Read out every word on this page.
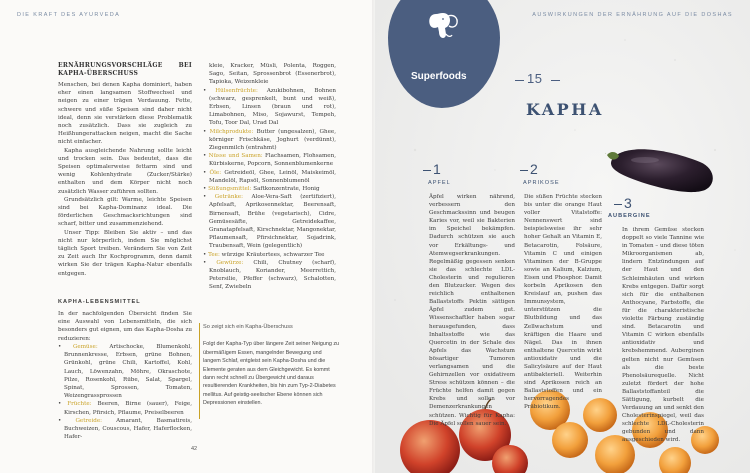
DIE KRAFT DES AYURVEDA
ERNÄHRUNGSVORSCHLÄGE BEI KAPHA-ÜBERSCHUSS

Menschen, bei denen Kapha dominiert, haben eher einen langsamen Stoffwechsel und neigen zu einer trägen Verdauung. Fette, schwere und süße Speisen sind daher nicht ideal, denn sie verstärken diese Problematik noch zusätzlich. Dass sie zugleich zu Heißhungerattacken neigen, macht die Sache nicht einfacher.

Kapha ausgleichende Nahrung sollte leicht und trocken sein. Das bedeutet, dass die Speisen optimalerweise fettarm sind und wenig Kohlenhydrate (Zucker/Stärke) enthalten und dem Körper nicht noch zusätzlich Wasser zuführen sollten.

Grundsätzlich gilt: Warme, leichte Speisen sind bei Kapha-Dominanz ideal. Die förderlichen Geschmacksrichtungen sind scharf, bitter und zusammenziehend.

Unser Tipp: Bleiben Sie aktiv – und das nicht nur körperlich, indem Sie möglichst täglich Sport treiben. Verändern Sie von Zeit zu Zeit auch Ihr Kochprogramm, denn damit wirken Sie der trägen Kapha-Natur ebenfalls entgegen.

KAPHA-LEBENSMITTEL

In der nachfolgenden Übersicht finden Sie eine Auswahl von Lebensmitteln, die sich besonders gut eignen, um das Kapha-Dosha zu reduzieren:

• Gemüse: Artischocke, Blumenkohl, Brunnenkresse, Erbsen, grüne Bohnen, Grünkohl, grüne Chili, Kartoffel, Kohl, Lauch, Löwenzahn, Möhre, Okraschote, Pilze, Rosenkohl, Rübe, Salat, Spargel, Spinat, Sprossen, Tomaten, Weizengrassprossen
• Früchte: Beeren, Birne (sauer), Feige, Kirschen, Pfirsich, Pflaume, Preiselbeeren
• Getreide: Amarant, Basmatireis, Buchweizen, Couscous, Hafer, Haferflocken, Hafer-

kleie, Kracker, Müsli, Polenta, Roggen, Sago, Seitan, Sprossenbrot (Essenerbrot), Tapioka, Weizenkleie

• Hülsenfrüchte: Azukibohnen, Bohnen (schwarz, gesprenkelt, bunt und weiß), Erbsen, Linsen (braun und rot), Limabohnen, Miso, Sojawurst, Tempeh, Tofu, Toor Dal, Urad Dal
• Milchprodukte: Butter (ungesalzen), Ghee, körniger Frischkäse, Joghurt (verdünnt), Ziegenmilch (entrahmt)
• Nüsse und Samen: Flachsamen, Flohsamen, Kürbiskerne, Popcorn, Sonnenblumenkerne
• Öle: Getreideöl, Ghee, Leinöl, Maiskeimöl, Mandelöl, Rapsöl, Sonnenblumenöl
• Süßungsmittel: Saftkonzentrate, Honig
• Getränke: Aloe-Vera-Saft (zertifiziert), Apfelsaft, Aprikosennektar, Beerensaft, Birnensaft, Brühe (vegetarisch), Cidre, Gemüsesäfte, Getreidekaffee, Granatapfelsaft, Kirschnektar, Mangonektar, Pflaumensaft, Pfirsichnektar, Sojadrink, Traubensaft, Wein (gelegentlich)
• Tee: würzige Kräutertees, schwarzer Tee
• Gewürze: Chili, Chutney (scharf), Knoblauch, Koriander, Meerrettich, Petersilie, Pfeffer (schwarz), Schalotten, Senf, Zwiebeln
So zeigt sich ein Kapha-Überschuss
Folgt der Kapha-Typ über längere Zeit seiner Neigung zu übermäßigem Essen, mangelnder Bewegung und langem Schlaf, entgleist sein Kapha-Dosha und die Elemente geraten aus dem Gleichgewicht. Es kommt dann recht schnell zu Übergewicht und daraus resultierenden Krankheiten, bis hin zum Typ-2-Diabetes mellitus. Auf geistig-seelischer Ebene können sich Depressionen einstellen.
42
AUSWIRKUNGEN DER ERNÄHRUNG AUF DIE DOSHAS
Superfoods	15
KAPHA
1
APFEL
2
APRIKOSE
3
AUBERGINE
Äpfel wirken nährend, verbessern den Geschmackssinn und beugen Karies vor, weil sie Bakterien im Speichel bekämpfen. Dadurch schützen sie auch vor Erkältungs- und Atemwegserkrankungen. Regelmäßig gegessen senken sie das schlechte LDL-Cholesterin und regulieren den Blutzucker. Wegen des reichlich enthaltenen Ballaststoffs Pektin sättigen Äpfel zudem gut. Wissenschaftler haben sogar herausgefunden, dass Inhaltsstoffe wie das Quercetin in der Schale des Apfels das Wachstum bösartiger Tumoren verlangsamen und die Gehirnzellen vor oxidativem Stress schützen können – die Früchte helfen damit gegen Krebs und sollen vor Demenzerkrankungen schützen. Wichtig für Kapha: Die Äpfel sollen sauer sein.
Die süßen Früchte stecken bis unter die orange Haut voller Vitalstoffe: Nennenswert sind beispielsweise ihr sehr hoher Gehalt an Vitamin E, Betacarotin, Folsäure, Vitamin C und einigen Vitaminen der B-Gruppe sowie an Kalium, Kalzium, Eisen und Phosphor. Damit korbeln Aprikosen den Kreislauf an, pushen das Immunsystem, unterstützen die Blutbildung und das Zellwachstum und kräftigen die Haare und Nägel. Das in ihnen enthaltene Quercetin wirkt antioxidativ und die Salicylsäure auf der Haut antibakteriell. Weiterhin sind Aprikosen reich an Ballaststoffen und ein hervorragendes Präbiotikum.
In ihrem Gemüse stecken doppelt so viele Tannine wie in Tomaten – und diese töten Mikroorganismen ab, lindern Entzündungen auf der Haut und den Schleimhäuten und wirken Krebs entgegen. Dafür sorgt sich für die enthaltenen Anthocyane, Farbstoffe, die für die charakteristische violette Färbung zuständig sind. Betacarotin und Vitamin C wirken ebenfalls antioxidativ und krebshemmend. Auberginen gelten nicht nur Gemüsen als die beste Phenolsäurequelle. Nicht zuletzt fördert der hohe Ballaststoffanteil die Sättigung, kurbelt die Verdauung an und senkt den Cholesterinspiegel, weil das schlechte LDL-Cholesterin gebunden und dann ausgeschieden wird.
